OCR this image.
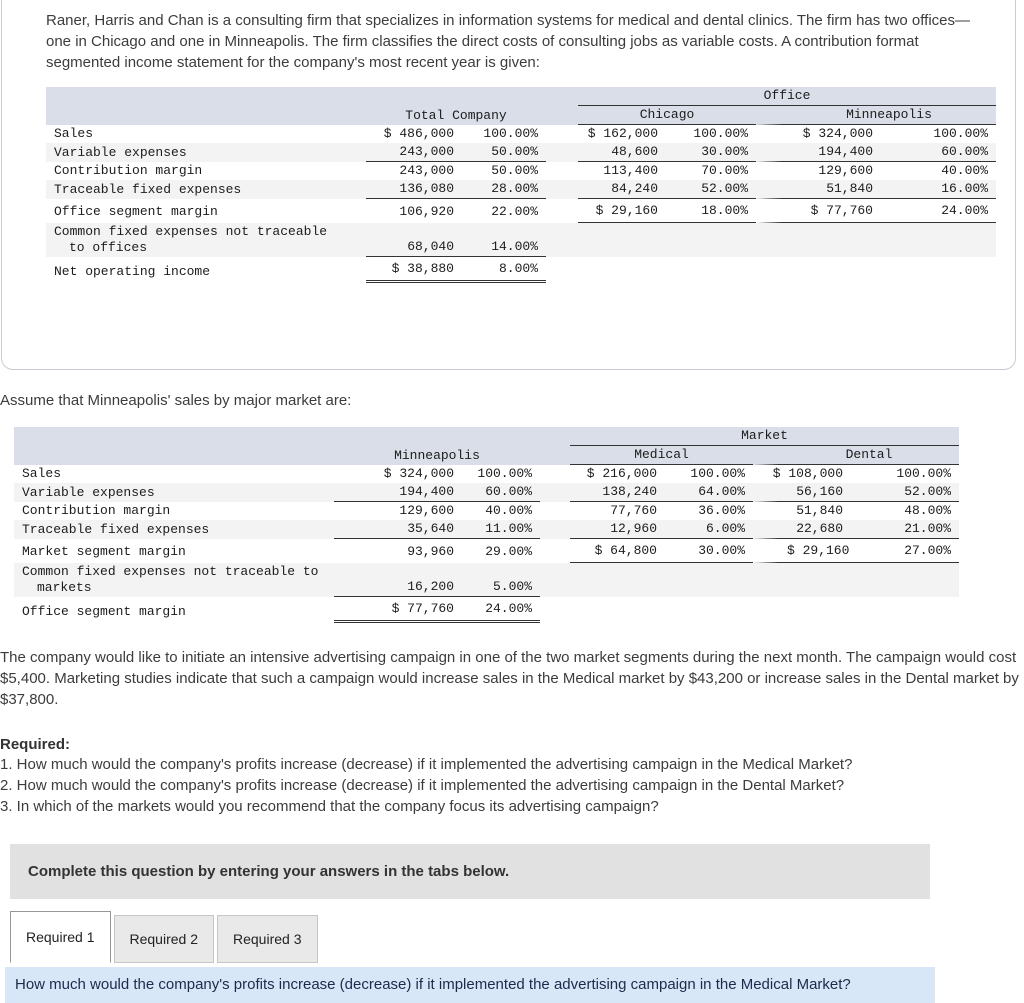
Raner, Harris and Chan is a consulting firm that specializes in information systems for medical and dental clinics. The firm has two offices—one in Chicago and one in Minneapolis. The firm classifies the direct costs of consulting jobs as variable costs. A contribution format segmented income statement for the company's most recent year is given:

				Office			
	Total Company			Chicago		Minneapolis	
Sales	$ 486,000	100.00%		$ 162,000	100.00%	$ 324,000	100.00%
Variable expenses	243,000	50.00%		48,600	30.00%	194,400	60.00%
Contribution margin	243,000	50.00%		113,400	70.00%	129,600	40.00%
Traceable fixed expenses	136,080	28.00%		84,240	52.00%	51,840	16.00%
Office segment margin	106,920	22.00%		$ 29,160	18.00%	$ 77,760	24.00%

Common fixed expenses not traceable
to offices	68,040	14.00%					
Net operating income	$ 38,880	8.00%					

Assume that Minneapolis' sales by major market are:

				Market			
	Minneapolis			Medical		Dental	
Sales	$ 324,000	100.00%		$ 216,000	100.00%	$ 108,000	100.00%
Variable expenses	194,400	60.00%		138,240	64.00%	56,160	52.00%
Contribution margin	129,600	40.00%		77,760	36.00%	51,840	48.00%
Traceable fixed expenses	35,640	11.00%		12,960	6.00%	22,680	21.00%
Market segment margin	93,960	29.00%		$ 64,800	30.00%	$ 29,160	27.00%

Common fixed expenses not traceable to
markets	16,200	5.00%					
Office segment margin	$ 77,760	24.00%					

The company would like to initiate an intensive advertising campaign in one of the two market segments during the next month. The campaign would cost $5,400. Marketing studies indicate that such a campaign would increase sales in the Medical market by $43,200 or increase sales in the Dental market by $37,800.

Required:

1. How much would the company's profits increase (decrease) if it implemented the advertising campaign in the Medical Market?

2. How much would the company's profits increase (decrease) if it implemented the advertising campaign in the Dental Market?

3. In which of the markets would you recommend that the company focus its advertising campaign?

Complete this question by entering your answers in the tabs below.
Required 1	Required 2	Required 3
How much would the company's profits increase (decrease) if it implemented the advertising campaign in the Medical Market?
